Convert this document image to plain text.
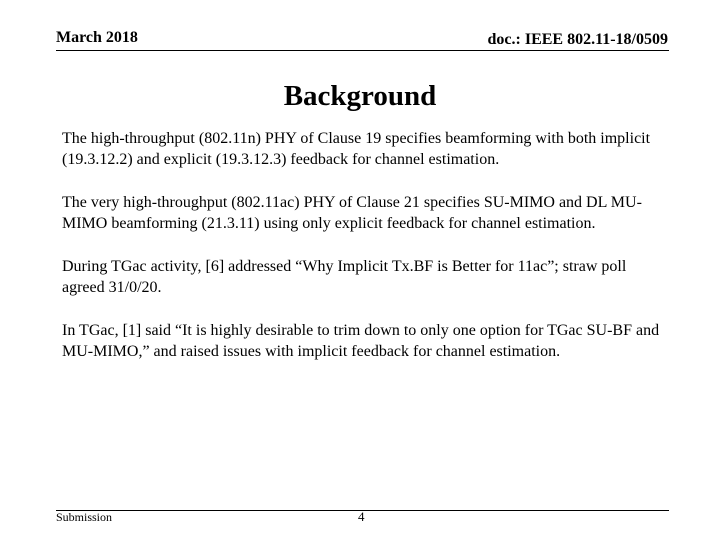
March 2018	doc.: IEEE 802.11-18/0509
Background

The high-throughput (802.11n) PHY of Clause 19 specifies beamforming with both implicit (19.3.12.2) and explicit (19.3.12.3) feedback for channel estimation.

The very high-throughput (802.11ac) PHY of Clause 21 specifies SU-MIMO and DL MU-MIMO beamforming (21.3.11) using only explicit feedback for channel estimation.

During TGac activity, [6] addressed “Why Implicit Tx.BF is Better for 11ac”; straw poll agreed 31/0/20.

In TGac, [1] said “It is highly desirable to trim down to only one option for TGac SU-BF and MU-MIMO,” and raised issues with implicit feedback for channel estimation.

Submission	4
